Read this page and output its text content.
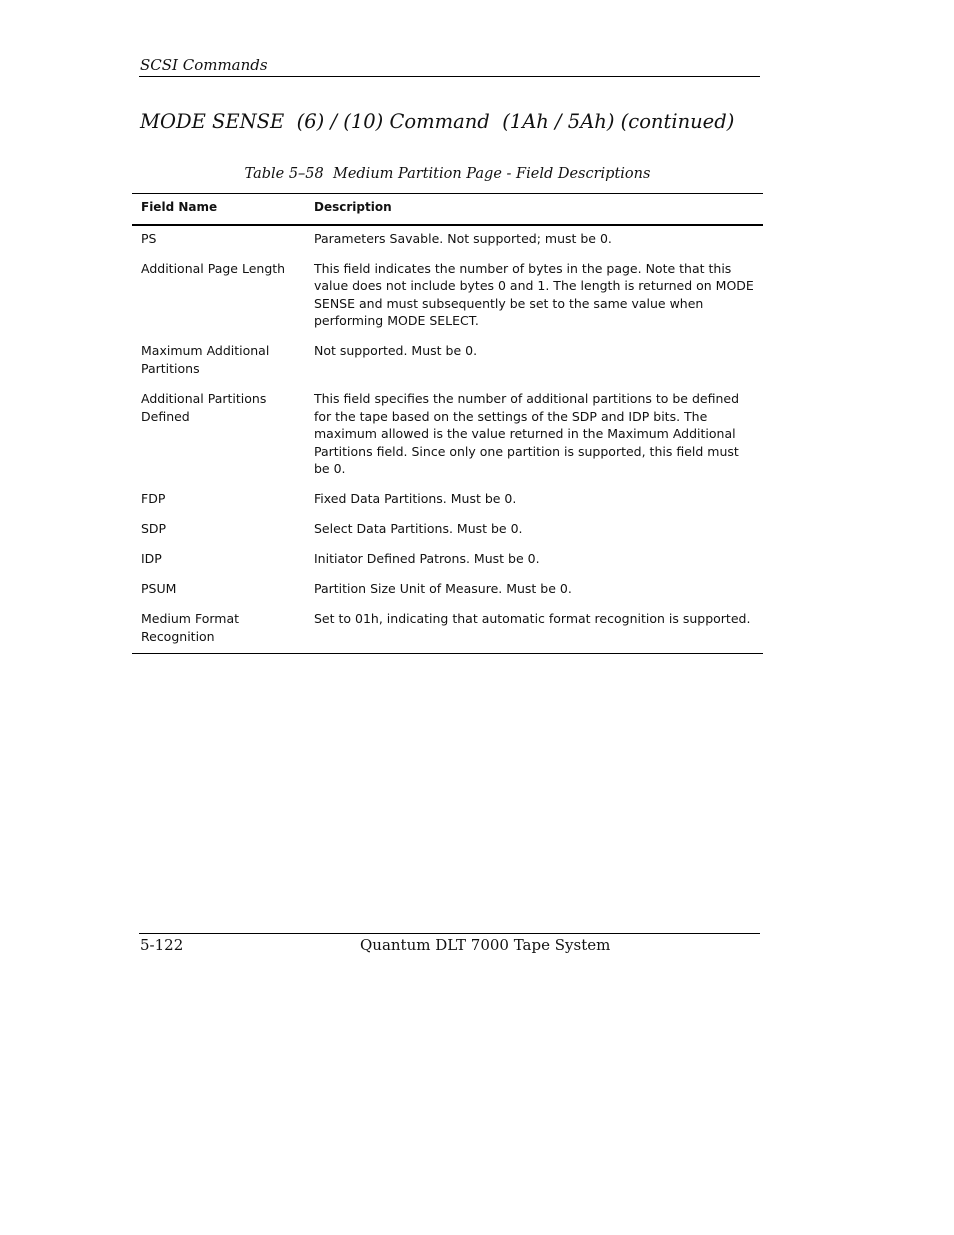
SCSI Commands
MODE SENSE  (6) / (10) Command  (1Ah / 5Ah) (continued)
Table 5–58  Medium Partition Page - Field Descriptions
Field Name	Description

PS	Parameters Savable. Not supported; must be 0.

Additional Page Length	This field indicates the number of bytes in the page. Note that this value does not include bytes 0 and 1. The length is returned on MODE SENSE and must subsequently be set to the same value when performing MODE SELECT.

Maximum Additional Partitions	Not supported. Must be 0.

Additional Partitions Defined	This field specifies the number of additional partitions to be defined for the tape based on the settings of the SDP and IDP bits. The maximum allowed is the value returned in the Maximum Additional Partitions field. Since only one partition is supported, this field must be 0.

FDP	Fixed Data Partitions. Must be 0.

SDP	Select Data Partitions. Must be 0.

IDP	Initiator Defined Patrons. Must be 0.

PSUM	Partition Size Unit of Measure. Must be 0.

Medium Format Recognition	Set to 01h, indicating that automatic format recognition is supported.
5-122	Quantum DLT 7000 Tape System
